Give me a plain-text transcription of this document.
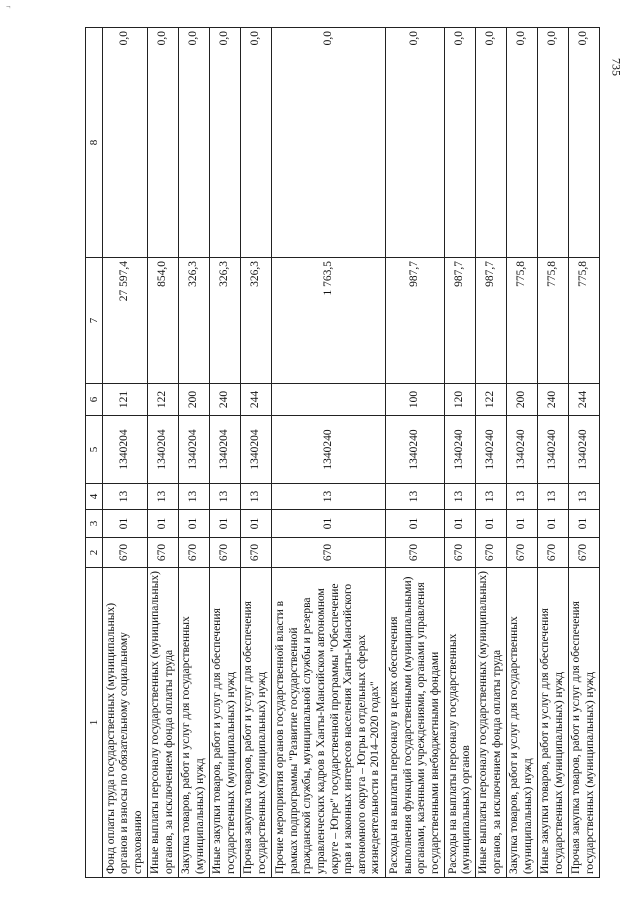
¬
735
1	2	3	4	5	6	7	8
Фонд оплаты труда государственных (муниципальных) органов и взносы по обязательному социальному страхованию	670	01	13	1340204	121	27 597,4	0,0
Иные выплаты персоналу государственных (муниципальных) органов, за исключением фонда оплаты труда	670	01	13	1340204	122	854,0	0,0
Закупка товаров, работ и услуг для государственных (муниципальных) нужд	670	01	13	1340204	200	326,3	0,0
Иные закупки товаров, работ и услуг для обеспечения государственных (муниципальных) нужд	670	01	13	1340204	240	326,3	0,0
Прочая закупка товаров, работ и услуг для обеспечения государственных (муниципальных) нужд	670	01	13	1340204	244	326,3	0,0
Прочие мероприятия органов государственной власти в рамках подпрограммы "Развитие государственной гражданской службы, муниципальной службы и резерва управленческих кадров в Ханты-Мансийском автономном округе – Югре" государственной программы "Обеспечение прав и законных интересов населения Ханты-Мансийского автономного округа – Югры в отдельных сферах жизнедеятельности в 2014–2020 годах"	670	01	13	1340240		1 763,5	0,0
Расходы на выплаты персоналу в целях обеспечения выполнения функций государственными (муниципальными) органами, казенными учреждениями, органами управления государственными внебюджетными фондами	670	01	13	1340240	100	987,7	0,0
Расходы на выплаты персоналу государственных (муниципальных) органов	670	01	13	1340240	120	987,7	0,0
Иные выплаты персоналу государственных (муниципальных) органов, за исключением фонда оплаты труда	670	01	13	1340240	122	987,7	0,0
Закупка товаров, работ и услуг для государственных (муниципальных) нужд	670	01	13	1340240	200	775,8	0,0
Иные закупки товаров, работ и услуг для обеспечения государственных (муниципальных) нужд	670	01	13	1340240	240	775,8	0,0
Прочая закупка товаров, работ и услуг для обеспечения государственных (муниципальных) нужд	670	01	13	1340240	244	775,8	0,0
